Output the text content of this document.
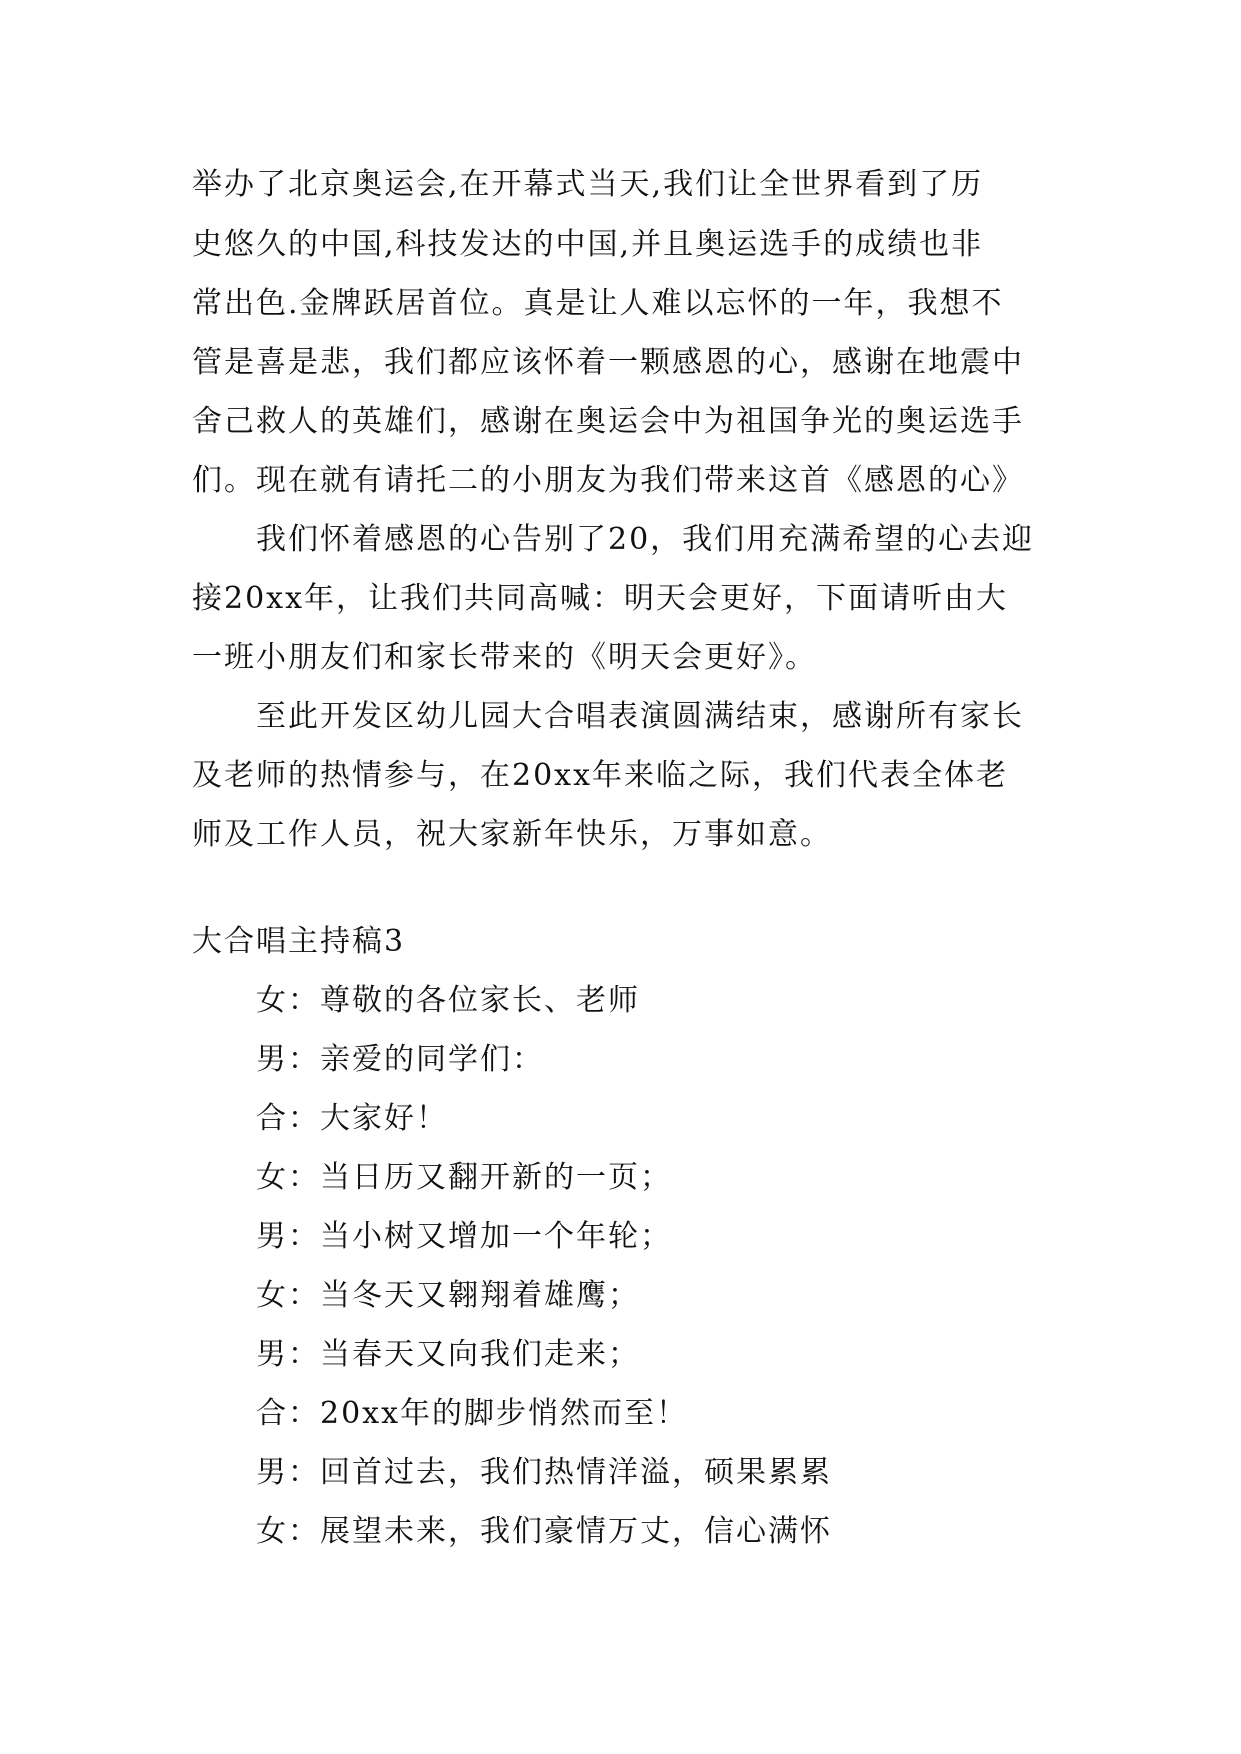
举办了北京奥运会,在开幕式当天,我们让全世界看到了历
史悠久的中国,科技发达的中国,并且奥运选手的成绩也非
常出色.金牌跃居首位。真是让人难以忘怀的一年，我想不
管是喜是悲，我们都应该怀着一颗感恩的心，感谢在地震中
舍己救人的英雄们，感谢在奥运会中为祖国争光的奥运选手
们。现在就有请托二的小朋友为我们带来这首《感恩的心》
我们怀着感恩的心告别了20，我们用充满希望的心去迎
接20xx年，让我们共同高喊：明天会更好，下面请听由大
一班小朋友们和家长带来的《明天会更好》。
至此开发区幼儿园大合唱表演圆满结束，感谢所有家长
及老师的热情参与，在20xx年来临之际，我们代表全体老
师及工作人员，祝大家新年快乐，万事如意。
大合唱主持稿3
女：尊敬的各位家长、老师
男：亲爱的同学们：
合：大家好！
女：当日历又翻开新的一页；
男：当小树又增加一个年轮；
女：当冬天又翱翔着雄鹰；
男：当春天又向我们走来；
合：20xx年的脚步悄然而至！
男：回首过去，我们热情洋溢，硕果累累
女：展望未来，我们豪情万丈，信心满怀
